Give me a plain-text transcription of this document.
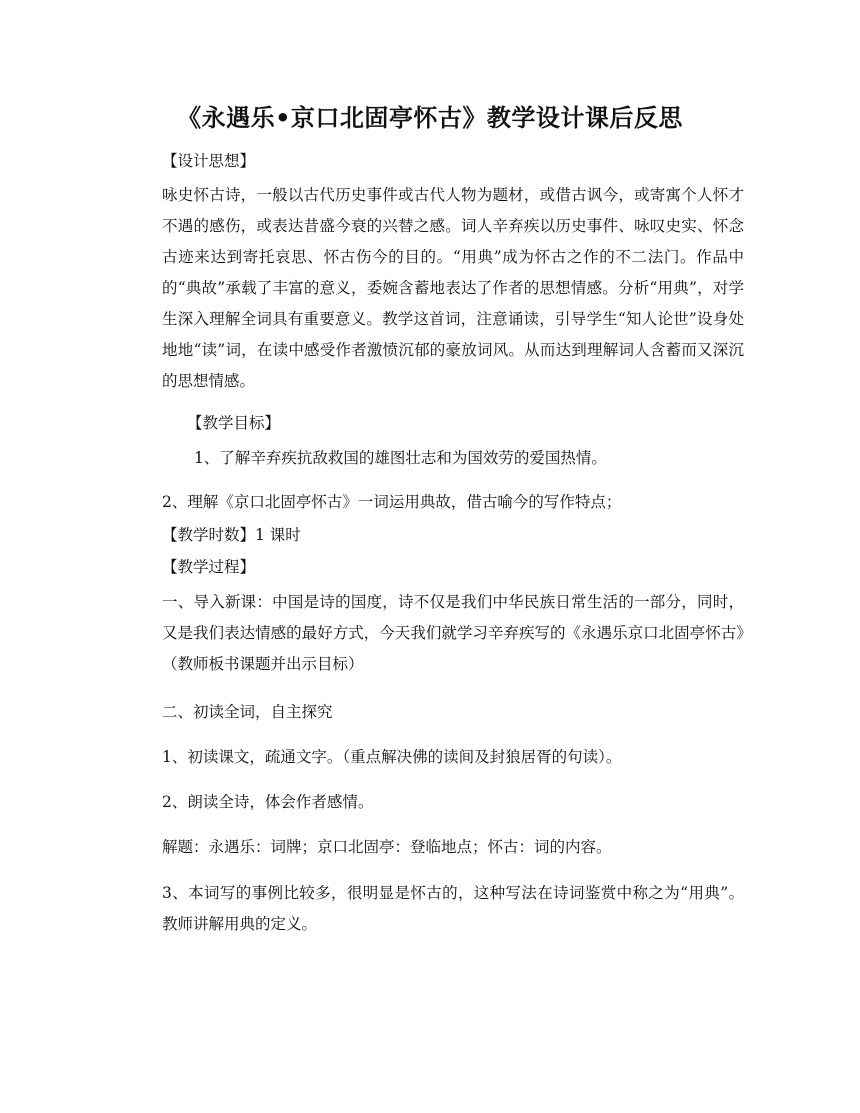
《永遇乐•京口北固亭怀古》教学设计课后反思
【设计思想】
咏史怀古诗，一般以古代历史事件或古代人物为题材，或借古讽今，或寄寓个人怀才不遇的感伤，或表达昔盛今衰的兴替之感。词人辛弃疾以历史事件、咏叹史实、怀念古迹来达到寄托哀思、怀古伤今的目的。“用典”成为怀古之作的不二法门。作品中的“典故”承载了丰富的意义，委婉含蓄地表达了作者的思想情感。分析“用典”，对学生深入理解全词具有重要意义。教学这首词，注意诵读，引导学生“知人论世”设身处地地“读”词，在读中感受作者激愤沉郁的豪放词风。从而达到理解词人含蓄而又深沉的思想情感。
【教学目标】
1、了解辛弃疾抗敌救国的雄图壮志和为国效劳的爱国热情。
2、理解《京口北固亭怀古》一词运用典故，借古喻今的写作特点；
【教学时数】1 课时
【教学过程】
一、导入新课：中国是诗的国度，诗不仅是我们中华民族日常生活的一部分，同时，又是我们表达情感的最好方式，今天我们就学习辛弃疾写的《永遇乐京口北固亭怀古》（教师板书课题并出示目标）
二、初读全词，自主探究
1、初读课文，疏通文字。（重点解决佛的读间及封狼居胥的句读）。
2、朗读全诗，体会作者感情。
解题：永遇乐：词牌；京口北固亭：登临地点；怀古：词的内容。
3、本词写的事例比较多，很明显是怀古的，这种写法在诗词鉴赏中称之为“用典”。教师讲解用典的定义。
